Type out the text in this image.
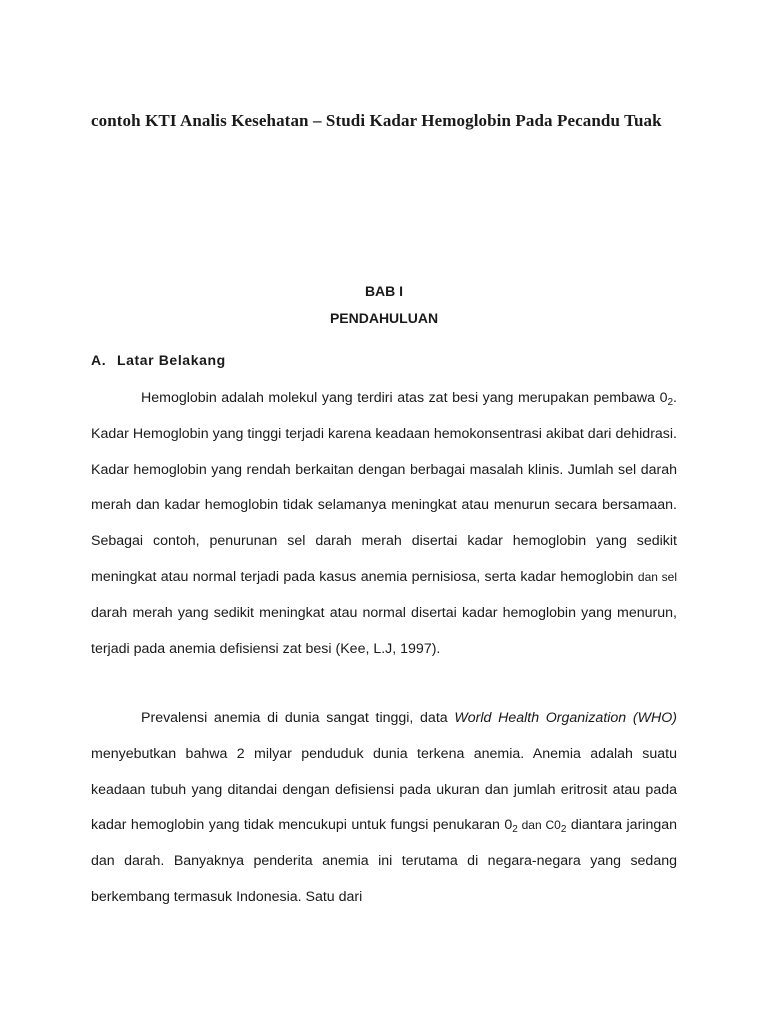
contoh KTI Analis Kesehatan – Studi Kadar Hemoglobin Pada Pecandu Tuak
BAB I
PENDAHULUAN
A. Latar Belakang

Hemoglobin adalah molekul yang terdiri atas zat besi yang merupakan pembawa $0_2$. Kadar Hemoglobin yang tinggi terjadi karena keadaan hemokonsentrasi akibat dari dehidrasi. Kadar hemoglobin yang rendah berkaitan dengan berbagai masalah klinis. Jumlah sel darah merah dan kadar hemoglobin tidak selamanya meningkat atau menurun secara bersamaan. Sebagai contoh, penurunan sel darah merah disertai kadar hemoglobin yang sedikit meningkat atau normal terjadi pada kasus anemia pernisiosa, serta kadar hemoglobin dan sel darah merah yang sedikit meningkat atau normal disertai kadar hemoglobin yang menurun, terjadi pada anemia defisiensi zat besi (Kee, L.J, 1997).

Prevalensi anemia di dunia sangat tinggi, data World Health Organization (WHO) menyebutkan bahwa 2 milyar penduduk dunia terkena anemia. Anemia adalah suatu keadaan tubuh yang ditandai dengan defisiensi pada ukuran dan jumlah eritrosit atau pada kadar hemoglobin yang tidak mencukupi untuk fungsi penukaran $0_2$ dan $C0_2$ diantara jaringan dan darah. Banyaknya penderita anemia ini terutama di negara-negara yang sedang berkembang termasuk Indonesia. Satu dari
